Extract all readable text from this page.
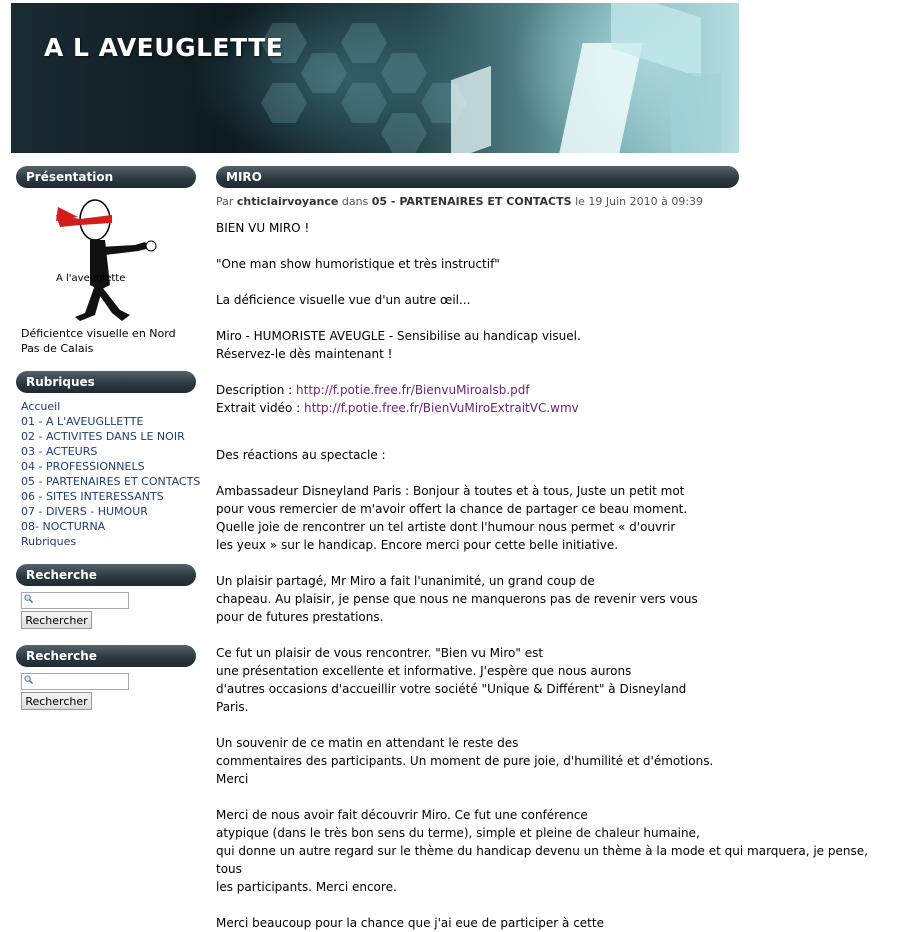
A L AVEUGLETTE
Présentation
A l'aveuglette
Déficientce visuelle en Nord Pas de Calais
Rubriques
Accueil
01 - A L'AVEUGLLETTE
02 - ACTIVITES DANS LE NOIR
03 - ACTEURS
04 - PROFESSIONNELS
05 - PARTENAIRES ET CONTACTS
06 - SITES INTERESSANTS
07 - DIVERS - HUMOUR
08- NOCTURNA
Rubriques
Recherche
Rechercher
Recherche
Rechercher
MIRO
Par chticlairvoyance dans 05 - PARTENAIRES ET CONTACTS le 19 Juin 2010 à 09:39

BIEN VU MIRO !

"One man show humoristique et très instructif"

La déficience visuelle vue d'un autre œil...

Miro - HUMORISTE AVEUGLE - Sensibilise au handicap visuel.

Réservez-le dès maintenant !

Description : http://f.potie.free.fr/BienvuMiroalsb.pdf

Extrait vidéo : http://f.potie.free.fr/BienVuMiroExtraitVC.wmv

Des réactions au spectacle :

Ambassadeur Disneyland Paris : Bonjour à toutes et à tous, Juste un petit mot

pour vous remercier de m'avoir offert la chance de partager ce beau moment.

Quelle joie de rencontrer un tel artiste dont l'humour nous permet « d'ouvrir

les yeux » sur le handicap. Encore merci pour cette belle initiative.

Un plaisir partagé, Mr Miro a fait l'unanimité, un grand coup de

chapeau. Au plaisir, je pense que nous ne manquerons pas de revenir vers vous

pour de futures prestations.

Ce fut un plaisir de vous rencontrer. "Bien vu Miro" est

une présentation excellente et informative. J'espère que nous aurons

d'autres occasions d'accueillir votre société "Unique & Différent" à Disneyland

Paris.

Un souvenir de ce matin en attendant le reste des

commentaires des participants. Un moment de pure joie, d'humilité et d'émotions.

Merci

Merci de nous avoir fait découvrir Miro. Ce fut une conférence

atypique (dans le très bon sens du terme), simple et pleine de chaleur humaine,

qui donne un autre regard sur le thème du handicap devenu un thème à la mode et qui marquera, je pense, tous

les participants. Merci encore.

Merci beaucoup pour la chance que j'ai eue de participer à cette
